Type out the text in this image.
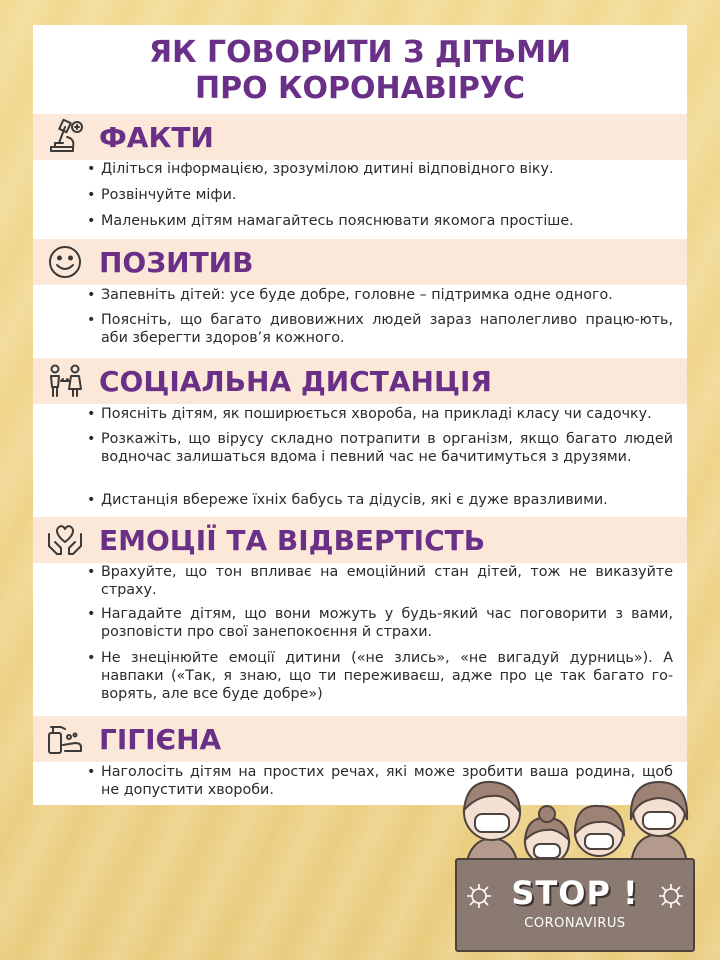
ЯК ГОВОРИТИ З ДІТЬМИ
ПРО КОРОНАВІРУС
ФАКТИ
• Діліться інформацією, зрозумілою дитині відповідного віку.
• Розвінчуйте міфи.
• Маленьким дітям намагайтесь пояснювати якомога простіше.
ПОЗИТИВ
• Запевніть дітей: усе буде добре, головне – підтримка одне одного.
• Поясніть, що багато дивовижних людей зараз наполегливо працю-ють, аби зберегти здоров’я кожного.
СОЦІАЛЬНА ДИСТАНЦІЯ
• Поясніть дітям, як поширюється хвороба, на прикладі класу чи садочку.
• Розкажіть, що вірусу складно потрапити в організм, якщо багато людей водночас залишаться вдома і певний час не бачитимуться з друзями.
• Дистанція вбереже їхніх бабусь та дідусів, які є дуже вразливими.
ЕМОЦІЇ ТА ВІДВЕРТІСТЬ
• Врахуйте, що тон впливає на емоційний стан дітей, тож не виказуйте страху.
• Нагадайте дітям, що вони можуть у будь-який час поговорити з вами, розповісти про свої занепокоєння й страхи.
• Не знецінюйте емоції дитини («не злись», «не вигадуй дурниць»). А навпаки («Так, я знаю, що ти переживаєш, адже про це так багато го-ворять, але все буде добре»)
ГІГІЄНА
• Наголосіть дітям на простих речах, які може зробити ваша родина, щоб не допустити хвороби.
STOP !
CORONAVIRUS
